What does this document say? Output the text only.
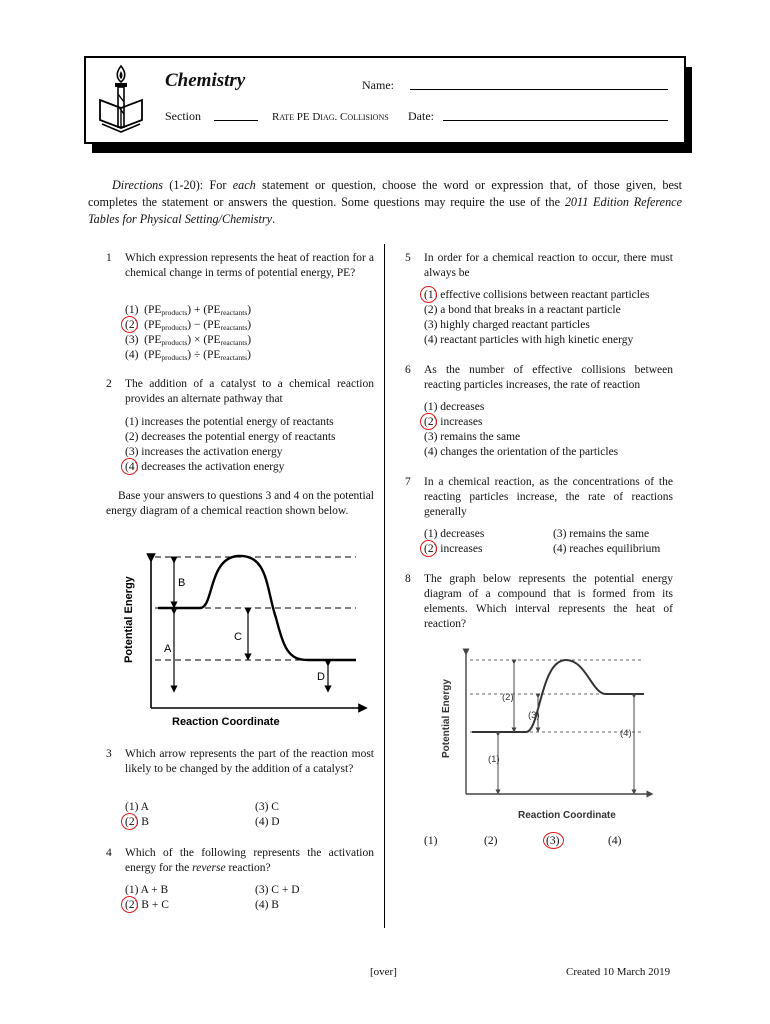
Chemistry	Name:
Section	Rate PE Diag. Collisions Date:
Directions (1-20): For each statement or question, choose the word or expression that, of those given, best completes the statement or answers the question. Some questions may require the use of the 2011 Edition Reference Tables for Physical Setting/Chemistry.
1 Which expression represents the heat of reaction for a chemical change in terms of potential energy, PE?
(1) $(PE_{products}) + (PE_{reactants})$
(2) $(PE_{products}) - (PE_{reactants})$
(3) $(PE_{products}) \times (PE_{reactants})$
(4) $(PE_{products}) \div (PE_{reactants})$
2 The addition of a catalyst to a chemical reaction provides an alternate pathway that
(1) increases the potential energy of reactants
(2) decreases the potential energy of reactants
(3) increases the activation energy
(4) decreases the activation energy
Base your answers to questions 3 and 4 on the potential energy diagram of a chemical reaction shown below.
Potential Energy	B
C
A
D
Reaction Coordinate
3 Which arrow represents the part of the reaction most likely to be changed by the addition of a catalyst?
(1) A
(2) B
(3) C
(4) D
4 Which of the following represents the activation energy for the reverse reaction?
(1) A + B
(2) B + C
(3) C + D
(4) B
5 In order for a chemical reaction to occur, there must always be
(1) effective collisions between reactant particles
(2) a bond that breaks in a reactant particle
(3) highly charged reactant particles
(4) reactant particles with high kinetic energy
6 As the number of effective collisions between reacting particles increases, the rate of reaction
(1) decreases
(2) increases
(3) remains the same
(4) changes the orientation of the particles
7 In a chemical reaction, as the concentrations of the reacting particles increase, the rate of reactions generally
(1) decreases
(2) increases
(3) remains the same
(4) reaches equilibrium
8 The graph below represents the potential energy diagram of a compound that is formed from its elements. Which interval represents the heat of reaction?
Potential Energy	(2)
(3)
(4)
(1)
Reaction Coordinate
(1)	(2)	(3)	(4)
[over]	Created 10 March 2019
